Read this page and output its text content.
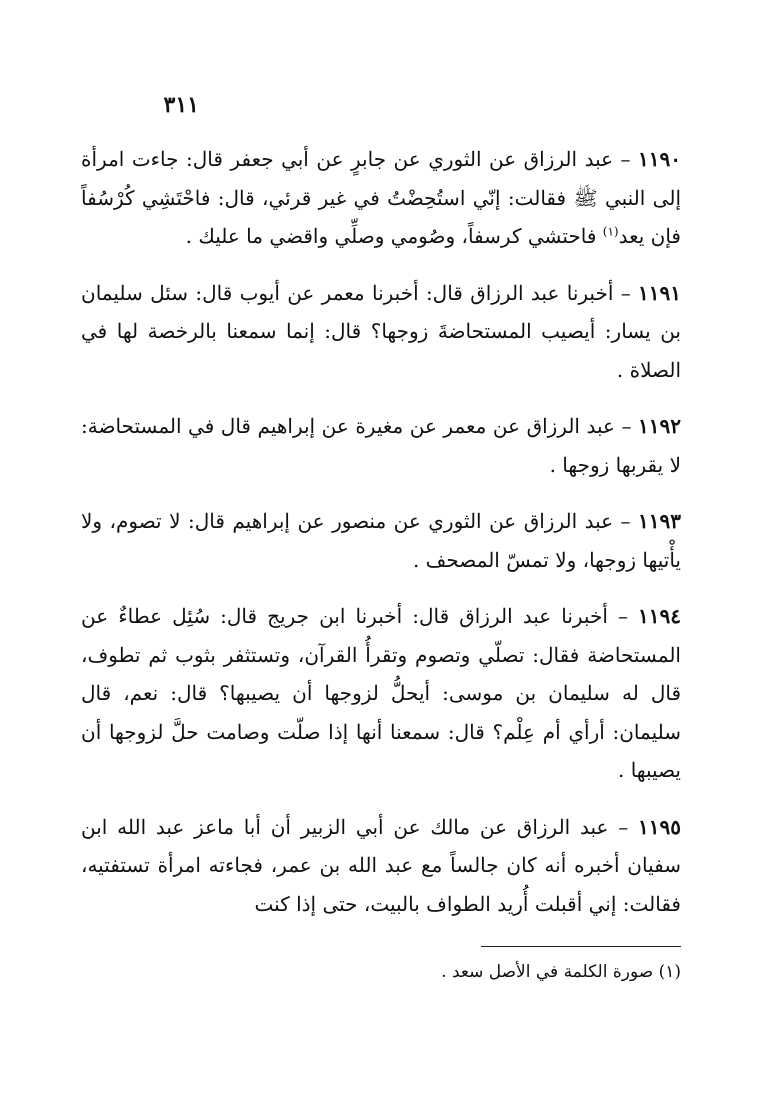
٣١١

١١٩٠ – عبد الرزاق عن الثوري عن جابرٍ عن أبي جعفر قال: جاءت امرأة إلى النبي ﷺ فقالت: إنّي استُحِضْتُ في غير قرئي، قال: فاحْتَشِي كُرْسُفاً فإن يعد$^{(١)}$ فاحتشي كرسفاً، وصُومي وصلِّي واقضي ما عليك .

١١٩١ – أخبرنا عبد الرزاق قال: أخبرنا معمر عن أيوب قال: سئل سليمان بن يسار: أيصيب المستحاضةَ زوجها؟ قال: إنما سمعنا بالرخصة لها في الصلاة .

١١٩٢ – عبد الرزاق عن معمر عن مغيرة عن إبراهيم قال في المستحاضة: لا يقربها زوجها .

١١٩٣ – عبد الرزاق عن الثوري عن منصور عن إبراهيم قال: لا تصوم، ولا يأْتيها زوجها، ولا تمسّ المصحف .

١١٩٤ – أخبرنا عبد الرزاق قال: أخبرنا ابن جريج قال: سُئِل عطاءٌ عن المستحاضة فقال: تصلّي وتصوم وتقرأُ القرآن، وتستثفر بثوب ثم تطوف، قال له سليمان بن موسى: أيحلُّ لزوجها أن يصيبها؟ قال: نعم، قال سليمان: أرأي أم عِلْم؟ قال: سمعنا أنها إذا صلّت وصامت حلَّ لزوجها أن يصيبها .

١١٩٥ – عبد الرزاق عن مالك عن أبي الزبير أن أبا ماعز عبد الله ابن سفيان أخبره أنه كان جالساً مع عبد الله بن عمر، فجاءته امرأة تستفتيه، فقالت: إني أقبلت أُريد الطواف بالبيت، حتى إذا كنت

(١) صورة الكلمة في الأصل سعد .
